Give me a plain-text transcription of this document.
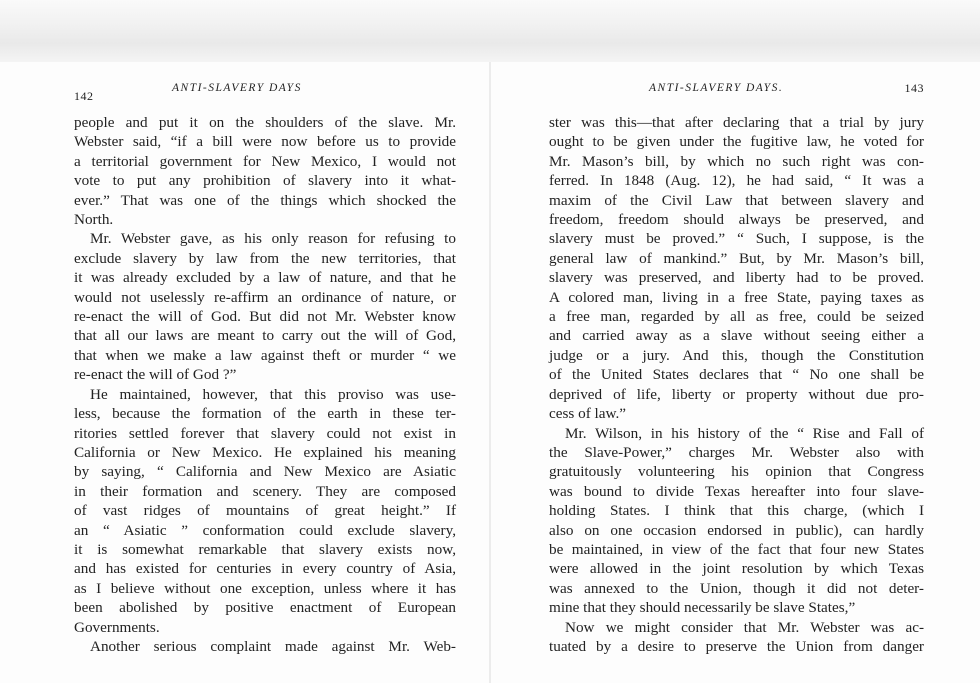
142
ANTI-SLAVERY DAYS
people and put it on the shoulders of the slave. Mr.
Webster said, “if a bill were now before us to provide
a territorial government for New Mexico, I would not
vote to put any prohibition of slavery into it what-
ever.” That was one of the things which shocked the
North.
Mr. Webster gave, as his only reason for refusing to
exclude slavery by law from the new territories, that
it was already excluded by a law of nature, and that he
would not uselessly re-affirm an ordinance of nature, or
re-enact the will of God. But did not Mr. Webster know
that all our laws are meant to carry out the will of God,
that when we make a law against theft or murder “ we
re-enact the will of God ?”
He maintained, however, that this proviso was use-
less, because the formation of the earth in these ter-
ritories settled forever that slavery could not exist in
California or New Mexico. He explained his meaning
by saying, “ California and New Mexico are Asiatic
in their formation and scenery. They are composed
of vast ridges of mountains of great height.” If
an “ Asiatic ” conformation could exclude slavery,
it is somewhat remarkable that slavery exists now,
and has existed for centuries in every country of Asia,
as I believe without one exception, unless where it has
been abolished by positive enactment of European
Governments.
Another serious complaint made against Mr. Web-
ANTI-SLAVERY DAYS.	143
ster was this—that after declaring that a trial by jury
ought to be given under the fugitive law, he voted for
Mr. Mason’s bill, by which no such right was con-
ferred. In 1848 (Aug. 12), he had said, “ It was a
maxim of the Civil Law that between slavery and
freedom, freedom should always be preserved, and
slavery must be proved.” “ Such, I suppose, is the
general law of mankind.” But, by Mr. Mason’s bill,
slavery was preserved, and liberty had to be proved.
A colored man, living in a free State, paying taxes as
a free man, regarded by all as free, could be seized
and carried away as a slave without seeing either a
judge or a jury. And this, though the Constitution
of the United States declares that “ No one shall be
deprived of life, liberty or property without due pro-
cess of law.”
Mr. Wilson, in his history of the “ Rise and Fall of
the Slave-Power,” charges Mr. Webster also with
gratuitously volunteering his opinion that Congress
was bound to divide Texas hereafter into four slave-
holding States. I think that this charge, (which I
also on one occasion endorsed in public), can hardly
be maintained, in view of the fact that four new States
were allowed in the joint resolution by which Texas
was annexed to the Union, though it did not deter-
mine that they should necessarily be slave States,”
Now we might consider that Mr. Webster was ac-
tuated by a desire to preserve the Union from danger
